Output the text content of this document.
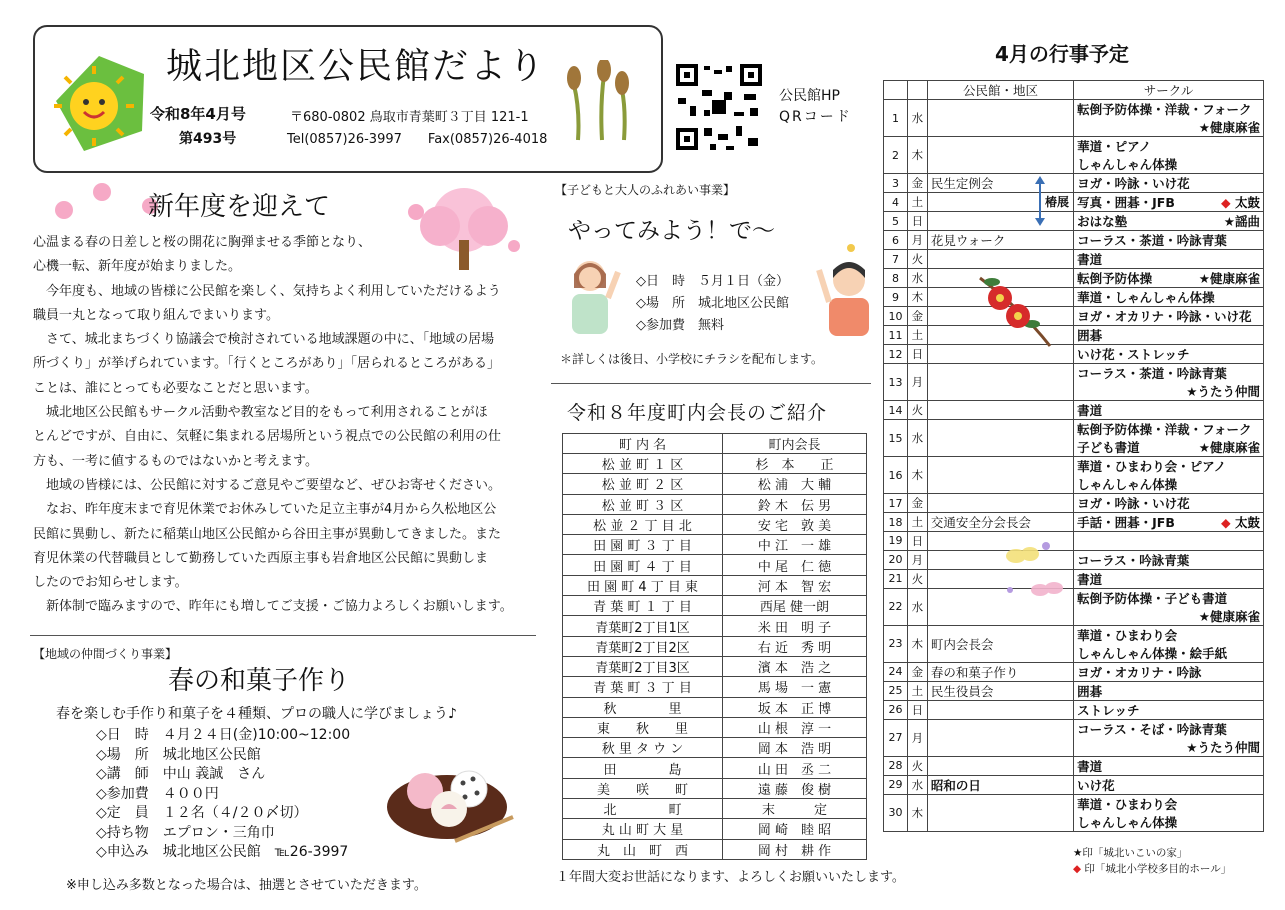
城北地区公民館だより
令和8年4月号
第493号
〒680-0802 鳥取市青葉町３丁目 121-1
Tel(0857)26-3997　　 Fax(0857)26-4018
公民館HP
QRコード
新年度を迎えて
心温まる春の日差しと桜の開花に胸弾ませる季節となり、
心機一転、新年度が始まりました。
今年度も、地域の皆様に公民館を楽しく、気持ちよく利用していただけるよう
職員一丸となって取り組んでまいります。
さて、城北まちづくり協議会で検討されている地域課題の中に、「地域の居場
所づくり」が挙げられています。「行くところがあり」「居られるところがある」
ことは、誰にとっても必要なことだと思います。
城北地区公民館もサークル活動や教室など目的をもって利用されることがほ
とんどですが、自由に、気軽に集まれる居場所という視点での公民館の利用の仕
方も、一考に値するものではないかと考えます。
地域の皆様には、公民館に対するご意見やご要望など、ぜひお寄せください。
なお、昨年度末まで育児休業でお休みしていた足立主事が4月から久松地区公
民館に異動し、新たに稲葉山地区公民館から谷田主事が異動してきました。また
育児休業の代替職員として勤務していた西原主事も岩倉地区公民館に異動しま
したのでお知らせします。
新体制で臨みますので、昨年にも増してご支援・ご協力よろしくお願いします。
【地域の仲間づくり事業】
春の和菓子作り
春を楽しむ手作り和菓子を４種類、プロの職人に学びましょう♪
◇日　時　４月２４日(金)10:00~12:00
◇場　所　城北地区公民館
◇講　師　中山 義誠　さん
◇参加費　４００円
◇定　員　１２名（４/２０〆切）
◇持ち物　エプロン・三角巾
◇申込み　城北地区公民館　℡26-3997
※申し込み多数となった場合は、抽選とさせていただきます。
【子どもと大人のふれあい事業】
やってみよう！で～
◇日　時　５月１日（金）
◇場　所　城北地区公民館
◇参加費　無料
＊詳しくは後日、小学校にチラシを配布します。
令和８年度町内会長のご紹介
町 内 名	町内会長
松 並 町 １ 区	杉　本　　正
松 並 町 ２ 区	松 浦　大 輔
松 並 町 ３ 区	鈴 木　伝 男
松 並 ２ 丁 目 北	安 宅　敦 美
田 園 町 ３ 丁 目	中 江　一 雄
田 園 町 ４ 丁 目	中 尾　仁 徳
田 園 町 4 丁 目 東	河 本　智 宏
青 葉 町 １ 丁 目	西尾 健一朗
青葉町2丁目1区	米 田　明 子
青葉町2丁目2区	右 近　秀 明
青葉町2丁目3区	濱 本　浩 之
青 葉 町 ３ 丁 目	馬 場　一 憲
秋　　　　里	坂 本　正 博
東　　秋　　里	山 根　淳 一
秋 里 タ ウ ン	岡 本　浩 明
田　　　　島	山 田　丞 二
美　　咲　　町	遠 藤　俊 樹
北　　　　町	末　　　定
丸 山 町 大 星	岡 崎　睦 昭
丸　山　町　西	岡 村　耕 作
１年間大変お世話になります、よろしくお願いいたします。
4月の行事予定
		公民館・地区	サークル
1	水		転倒予防体操・洋裁・フォーク
★健康麻雀

2	木		華道・ピアノ
しゃんしゃん体操

3	金	民生定例会	ヨガ・吟詠・いけ花

4	土		写真・囲碁・JFB ◆ 太鼓

5	日		おはな塾 ★謡曲

6	月	花見ウォーク	コーラス・茶道・吟詠青葉

7	火		書道

8	水		転倒予防体操 ★健康麻雀

9	木		華道・しゃんしゃん体操

10	金		ヨガ・オカリナ・吟詠・いけ花

11	土		囲碁

12	日		いけ花・ストレッチ

13	月		コーラス・茶道・吟詠青葉
★うたう仲間

14	火		書道

15	水		転倒予防体操・洋裁・フォーク
子ども書道 ★健康麻雀

16	木		華道・ひまわり会・ピアノ
しゃんしゃん体操

17	金		ヨガ・吟詠・いけ花

18	土	交通安全分会長会	手話・囲碁・JFB ◆ 太鼓

19	日		

20	月		コーラス・吟詠青葉

21	火		書道

22	水		転倒予防体操・子ども書道
★健康麻雀

23	木	町内会長会	華道・ひまわり会
しゃんしゃん体操・絵手紙

24	金	春の和菓子作り	ヨガ・オカリナ・吟詠

25	土	民生役員会	囲碁

26	日		ストレッチ

27	月		コーラス・そば・吟詠青葉
★うたう仲間

28	火		書道

29	水	昭和の日	いけ花

30	木		華道・ひまわり会
しゃんしゃん体操
椿展
★印「城北いこいの家」
◆ 印「城北小学校多目的ホール」
